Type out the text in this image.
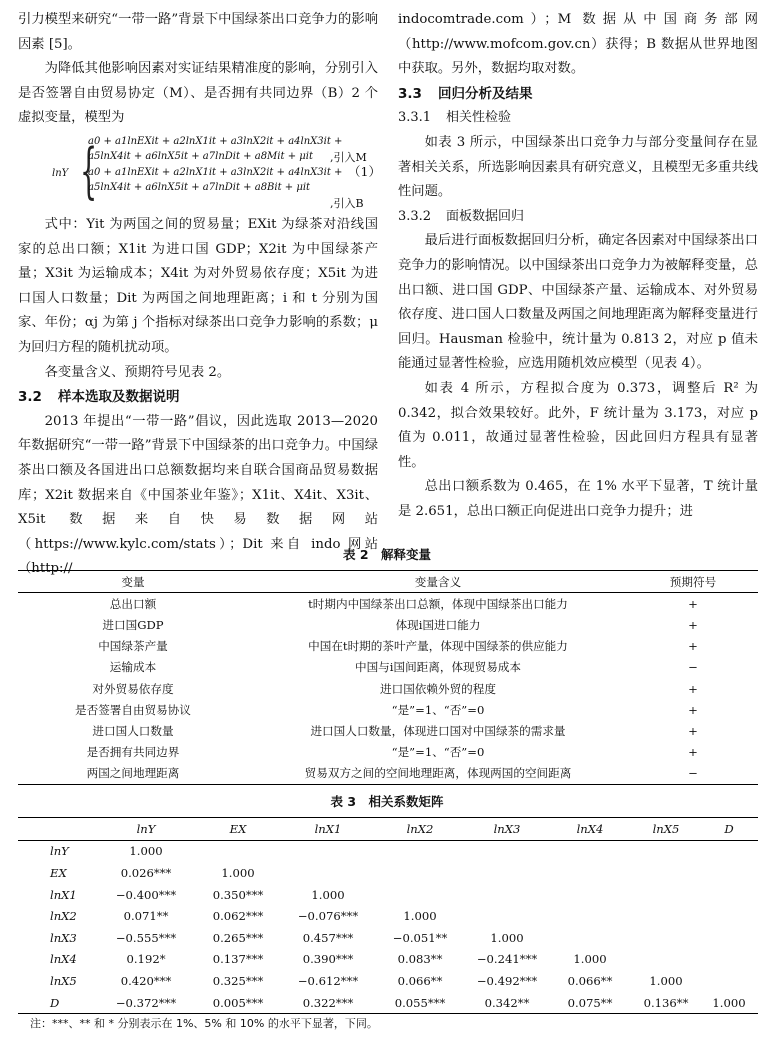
引力模型来研究“一带一路”背景下中国绿茶出口竞争力的影响因素 [5]。

为降低其他影响因素对实证结果精准度的影响，分别引入是否签署自由贸易协定（M）、是否拥有共同边界（B）2 个虚拟变量，模型为

lnY {
a0 + a1lnEXit + a2lnX1it + a3lnX2it + a4lnX3it +
a5lnX4it + a6lnX5it + a7lnDit + a8Mit + μit
a0 + a1lnEXit + a2lnX1it + a3lnX2it + a4lnX3it +
a5lnX4it + a6lnX5it + a7lnDit + a8Bit + μit
,引入M
,引入B
（1）

式中：Yit 为两国之间的贸易量；EXit 为绿茶对沿线国家的总出口额；X1it 为进口国 GDP；X2it 为中国绿茶产量；X3it 为运输成本；X4it 为对外贸易依存度；X5it 为进口国人口数量；Dit 为两国之间地理距离；i 和 t 分别为国家、年份；αj 为第 j 个指标对绿茶出口竞争力影响的系数；μ 为回归方程的随机扰动项。

各变量含义、预期符号见表 2。

3.2 样本选取及数据说明

2013 年提出“一带一路”倡议，因此选取 2013—2020 年数据研究“一带一路”背景下中国绿茶的出口竞争力。中国绿茶出口额及各国进出口总额数据均来自联合国商品贸易数据库；X2it 数据来自《中国茶业年鉴》；X1it、X4it、X3it、X5it 数据来自快易数据网站（https://www.kylc.com/stats）；Dit 来自 indo 网站（http://

indocomtrade.com）；M 数据从中国商务部网（http://www.mofcom.gov.cn）获得；B 数据从世界地图中获取。另外，数据均取对数。

3.3 回归分析及结果

3.3.1 相关性检验

如表 3 所示，中国绿茶出口竞争力与部分变量间存在显著相关关系，所选影响因素具有研究意义，且模型无多重共线性问题。

3.3.2 面板数据回归

最后进行面板数据回归分析，确定各因素对中国绿茶出口竞争力的影响情况。以中国绿茶出口竞争力为被解释变量，总出口额、进口国 GDP、中国绿茶产量、运输成本、对外贸易依存度、进口国人口数量及两国之间地理距离为解释变量进行回归。Hausman 检验中，统计量为 0.813 2，对应 p 值未能通过显著性检验，应选用随机效应模型（见表 4）。

如表 4 所示，方程拟合度为 0.373，调整后 R² 为 0.342，拟合效果较好。此外，F 统计量为 3.173，对应 p 值为 0.011，故通过显著性检验，因此回归方程具有显著性。

总出口额系数为 0.465，在 1% 水平下显著，T 统计量是 2.651，总出口额正向促进出口竞争力提升；进

表 2　解释变量
变量	变量含义	预期符号
总出口额	t时期内中国绿茶出口总额，体现中国绿茶出口能力	+
进口国GDP	体现i国进口能力	+
中国绿茶产量	中国在t时期的茶叶产量，体现中国绿茶的供应能力	+
运输成本	中国与i国间距离，体现贸易成本	−
对外贸易依存度	进口国依赖外贸的程度	+
是否签署自由贸易协议	“是”=1、“否”=0	+
进口国人口数量	进口国人口数量，体现进口国对中国绿茶的需求量	+
是否拥有共同边界	“是”=1、“否”=0	+
两国之间地理距离	贸易双方之间的空间地理距离，体现两国的空间距离	−
表 3　相关系数矩阵
	lnY	EX	lnX1	lnX2	lnX3	lnX4	lnX5	D
lnY	1.000							
EX	0.026***	1.000						
lnX1	−0.400***	0.350***	1.000					
lnX2	0.071**	0.062***	−0.076***	1.000				
lnX3	−0.555***	0.265***	0.457***	−0.051**	1.000			
lnX4	0.192*	0.137***	0.390***	0.083**	−0.241***	1.000		
lnX5	0.420***	0.325***	−0.612***	0.066**	−0.492***	0.066**	1.000	
D	−0.372***	0.005***	0.322***	0.055***	0.342**	0.075**	0.136**	1.000
注：***、** 和 * 分别表示在 1%、5% 和 10% 的水平下显著，下同。
